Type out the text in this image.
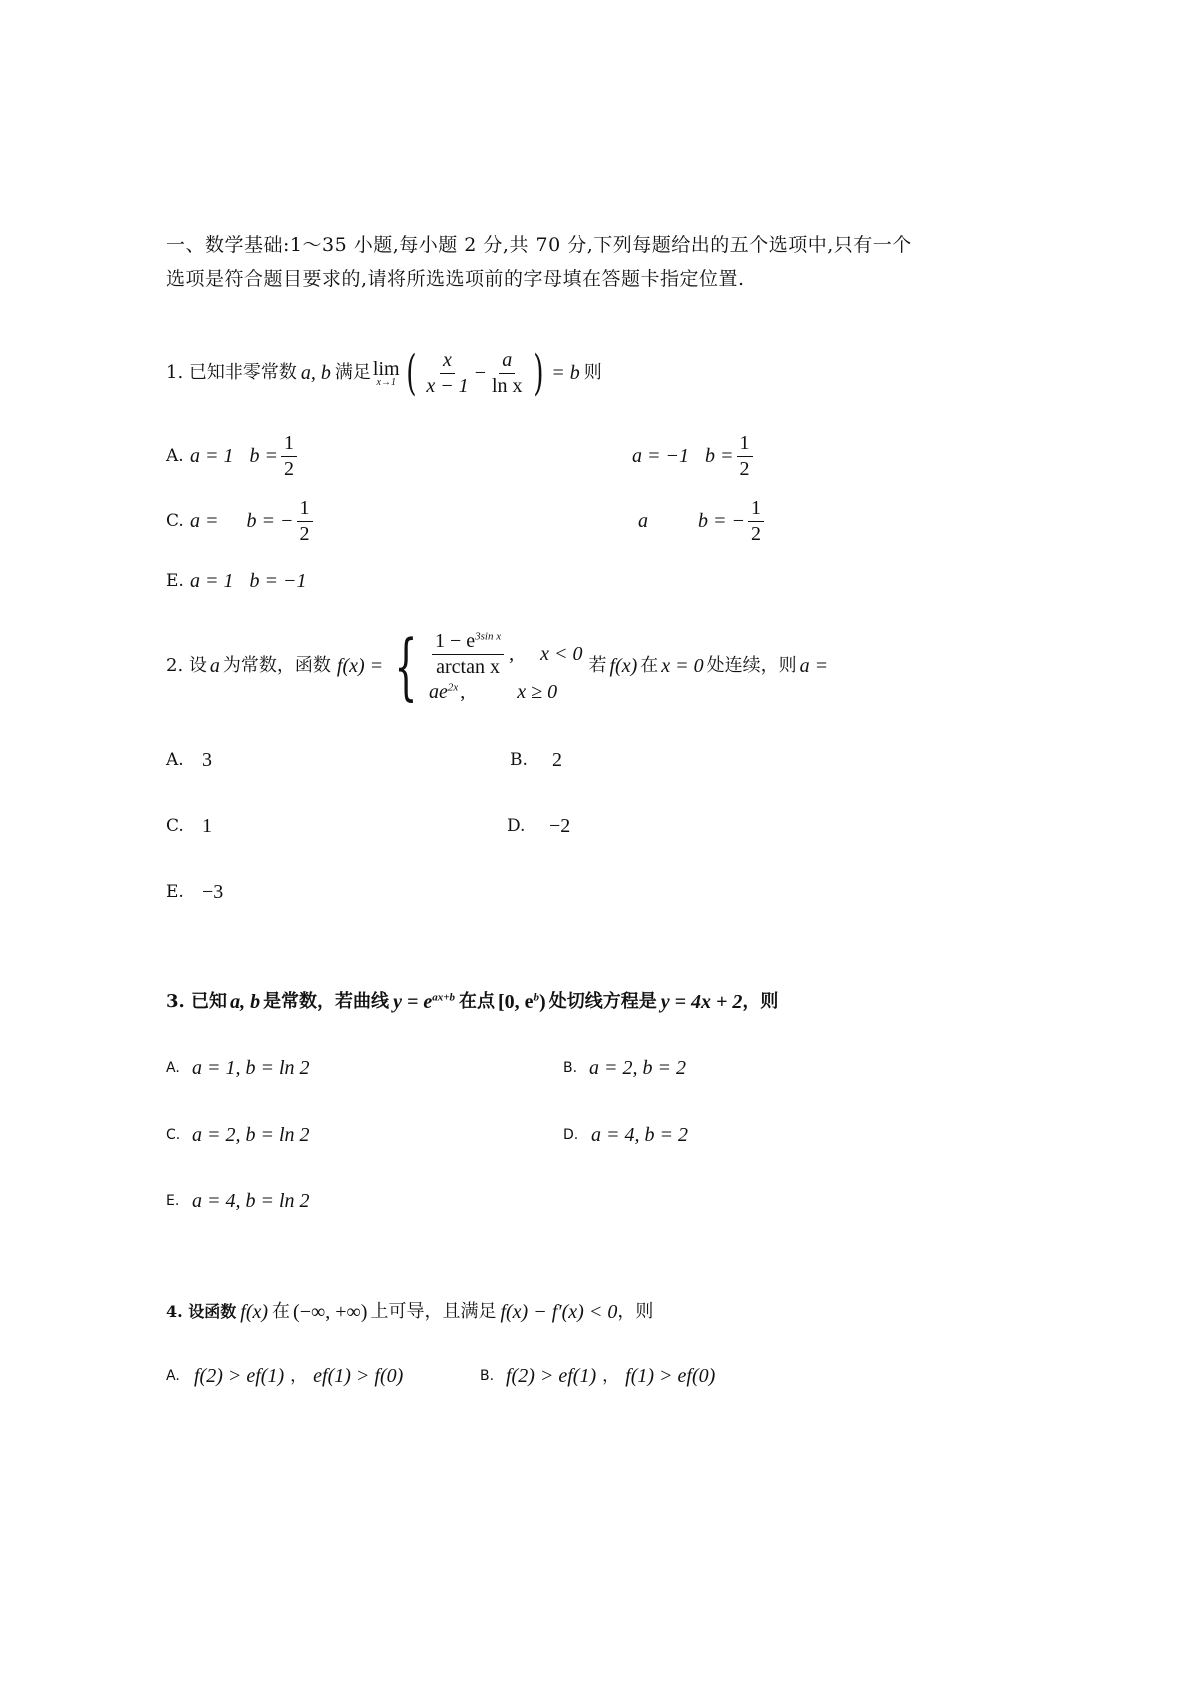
一、数学基础:1～35 小题,每小题 2 分,共 70 分,下列每题给出的五个选项中,只有一个
选项是符合题目要求的,请将所选选项前的字母填在答题卡指定位置.
1. 已知非零常数 a, b 满足 lim
x→1 ( $\frac{x}{x - 1} - \frac{a}{\text{ln x}}$ ) = b 则
A. a = 1 $b = \frac{1}{2}$	a = −1 $b = \frac{1}{2}$
C. a = b = − $\frac{1}{2}$	a	b = − $\frac{1}{2}$
E. a = 1 b = −1
2. 设 a 为常数，函数 f(x) = { $\frac{1 - e^{3sin x}}{\text{arctan x}}$ , x < 0
$ae^{2x}$ ,	x ≥ 0
若 f(x) 在 x = 0 处连续，则 a =
A. 3	B.	2
C. 1	D.	−2
E. −3
3. 已知 a, b 是常数，若曲线 $y = e^{ax+b}$ 在点 [0, $e^b$) 处切线方程是 y = 4x + 2 ，则
A. a = 1, b = ln 2	B. a = 2, b = 2
C. a = 2, b = ln 2	D. a = 4, b = 2
E. a = 4, b = ln 2
4. 设函数 f(x) 在 (−∞, +∞) 上可导，且满足 f(x) − f′(x) < 0 ，则
A. f(2) > ef(1) ， ef(1) > f(0)	B. f(2) > ef(1) ， f(1) > ef(0)
